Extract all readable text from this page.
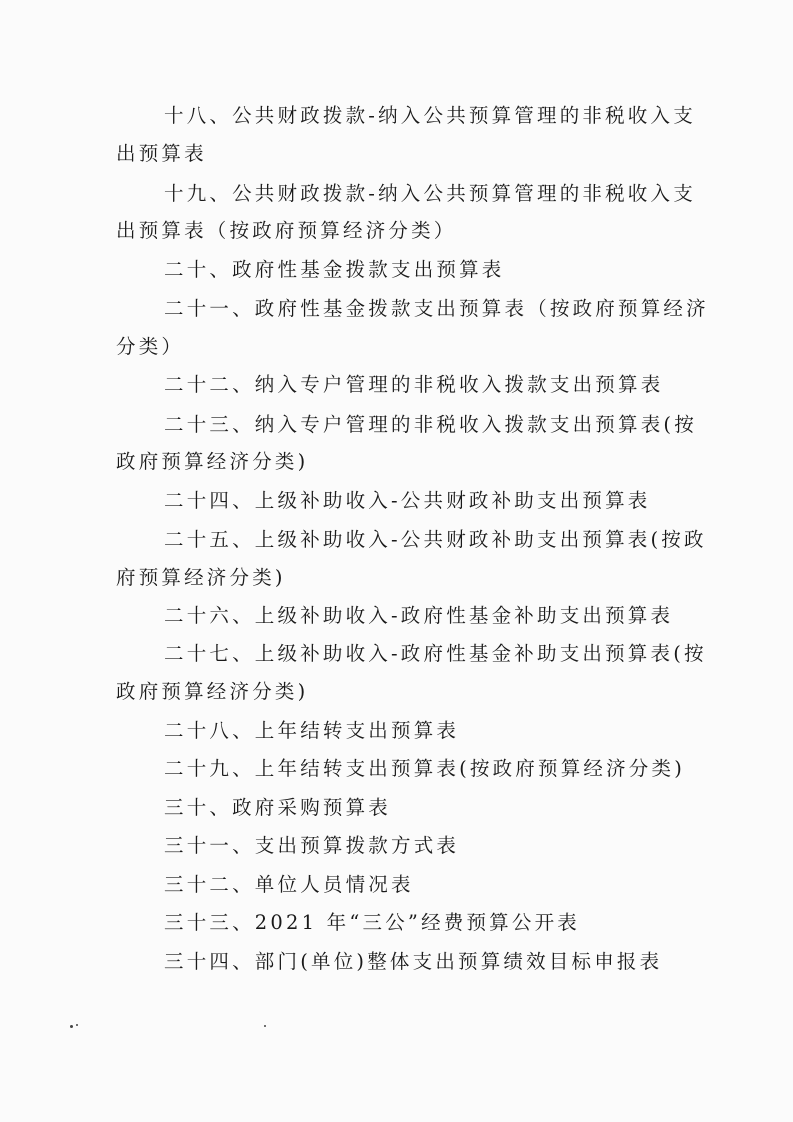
十八、公共财政拨款-纳入公共预算管理的非税收入支
出预算表
十九、公共财政拨款-纳入公共预算管理的非税收入支
出预算表（按政府预算经济分类）
二十、政府性基金拨款支出预算表
二十一、政府性基金拨款支出预算表（按政府预算经济
分类）
二十二、纳入专户管理的非税收入拨款支出预算表
二十三、纳入专户管理的非税收入拨款支出预算表(按
政府预算经济分类)
二十四、上级补助收入-公共财政补助支出预算表
二十五、上级补助收入-公共财政补助支出预算表(按政
府预算经济分类)
二十六、上级补助收入-政府性基金补助支出预算表
二十七、上级补助收入-政府性基金补助支出预算表(按
政府预算经济分类)
二十八、上年结转支出预算表
二十九、上年结转支出预算表(按政府预算经济分类)
三十、政府采购预算表
三十一、支出预算拨款方式表
三十二、单位人员情况表
三十三、2021 年“三公”经费预算公开表
三十四、部门(单位)整体支出预算绩效目标申报表
